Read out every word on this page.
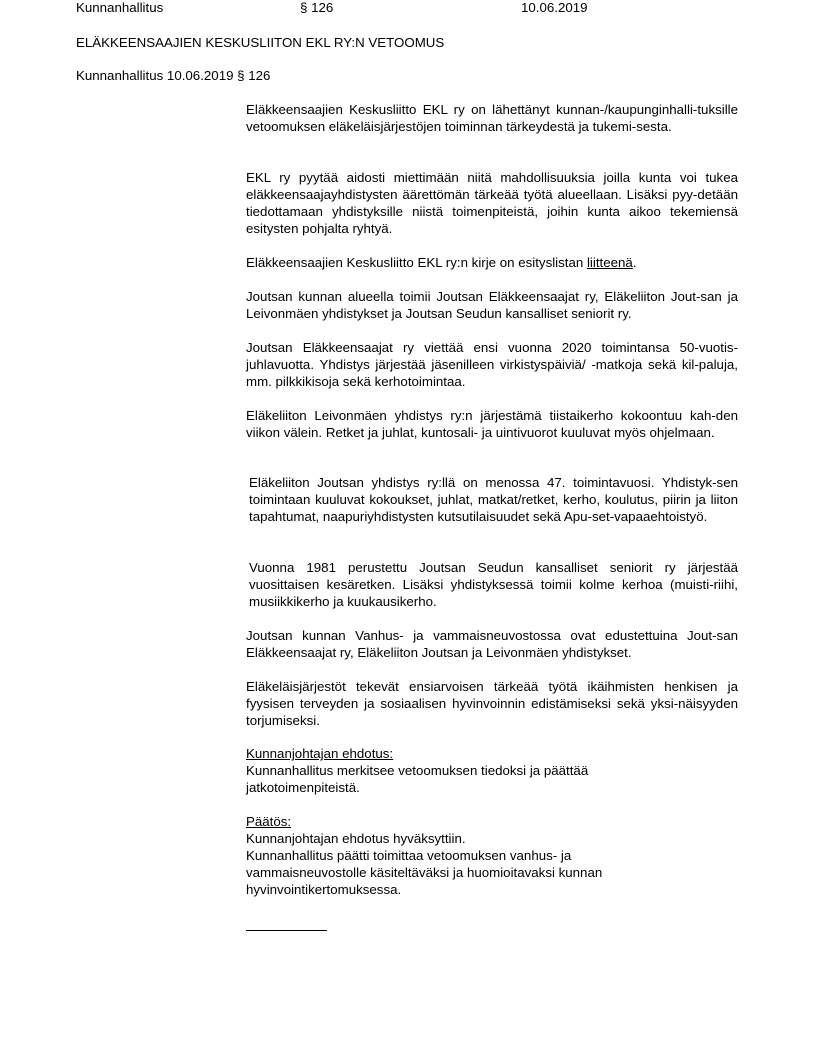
Kunnanhallitus	§ 126	10.06.2019
ELÄKKEENSAAJIEN KESKUSLIITON EKL RY:N VETOOMUS
Kunnanhallitus 10.06.2019 § 126

Eläkkeensaajien Keskusliitto EKL ry on lähettänyt kunnan-/kaupunginhalli-tuksille vetoomuksen eläkeläisjärjestöjen toiminnan tärkeydestä ja tukemi-sesta.

EKL ry pyytää aidosti miettimään niitä mahdollisuuksia joilla kunta voi tukea eläkkeensaajayhdistysten äärettömän tärkeää työtä alueellaan. Lisäksi pyy-detään tiedottamaan yhdistyksille niistä toimenpiteistä, joihin kunta aikoo tekemiensä esitysten pohjalta ryhtyä.

Eläkkeensaajien Keskusliitto EKL ry:n kirje on esityslistan liitteenä.

Joutsan kunnan alueella toimii Joutsan Eläkkeensaajat ry, Eläkeliiton Jout-san ja Leivonmäen yhdistykset ja Joutsan Seudun kansalliset seniorit ry.

Joutsan Eläkkeensaajat ry viettää ensi vuonna 2020 toimintansa 50-vuotis-juhlavuotta. Yhdistys järjestää jäsenilleen virkistyspäiviä/ -matkoja sekä kil-paluja, mm. pilkkikisoja sekä kerhotoimintaa.

Eläkeliiton Leivonmäen yhdistys ry:n järjestämä tiistaikerho kokoontuu kah-den viikon välein. Retket ja juhlat, kuntosali- ja uintivuorot kuuluvat myös ohjelmaan.

Eläkeliiton Joutsan yhdistys ry:llä on menossa 47. toimintavuosi. Yhdistyk-sen toimintaan kuuluvat kokoukset, juhlat, matkat/retket, kerho, koulutus, piirin ja liiton tapahtumat, naapuriyhdistysten kutsutilaisuudet sekä Apu-set-vapaaehtoistyö.

Vuonna 1981 perustettu Joutsan Seudun kansalliset seniorit ry järjestää vuosittaisen kesäretken. Lisäksi yhdistyksessä toimii kolme kerhoa (muisti-riihi, musiikkikerho ja kuukausikerho.

Joutsan kunnan Vanhus- ja vammaisneuvostossa ovat edustettuina Jout-san Eläkkeensaajat ry, Eläkeliiton Joutsan ja Leivonmäen yhdistykset.

Eläkeläisjärjestöt tekevät ensiarvoisen tärkeää työtä ikäihmisten henkisen ja fyysisen terveyden ja sosiaalisen hyvinvoinnin edistämiseksi sekä yksi-näisyyden torjumiseksi.

Kunnanjohtajan ehdotus:
Kunnanhallitus merkitsee vetoomuksen tiedoksi ja päättää
jatkotoimenpiteistä.
Päätös:
Kunnanjohtajan ehdotus hyväksyttiin.
Kunnanhallitus päätti toimittaa vetoomuksen vanhus- ja
vammaisneuvostolle käsiteltäväksi ja huomioitavaksi kunnan
hyvinvointikertomuksessa.
